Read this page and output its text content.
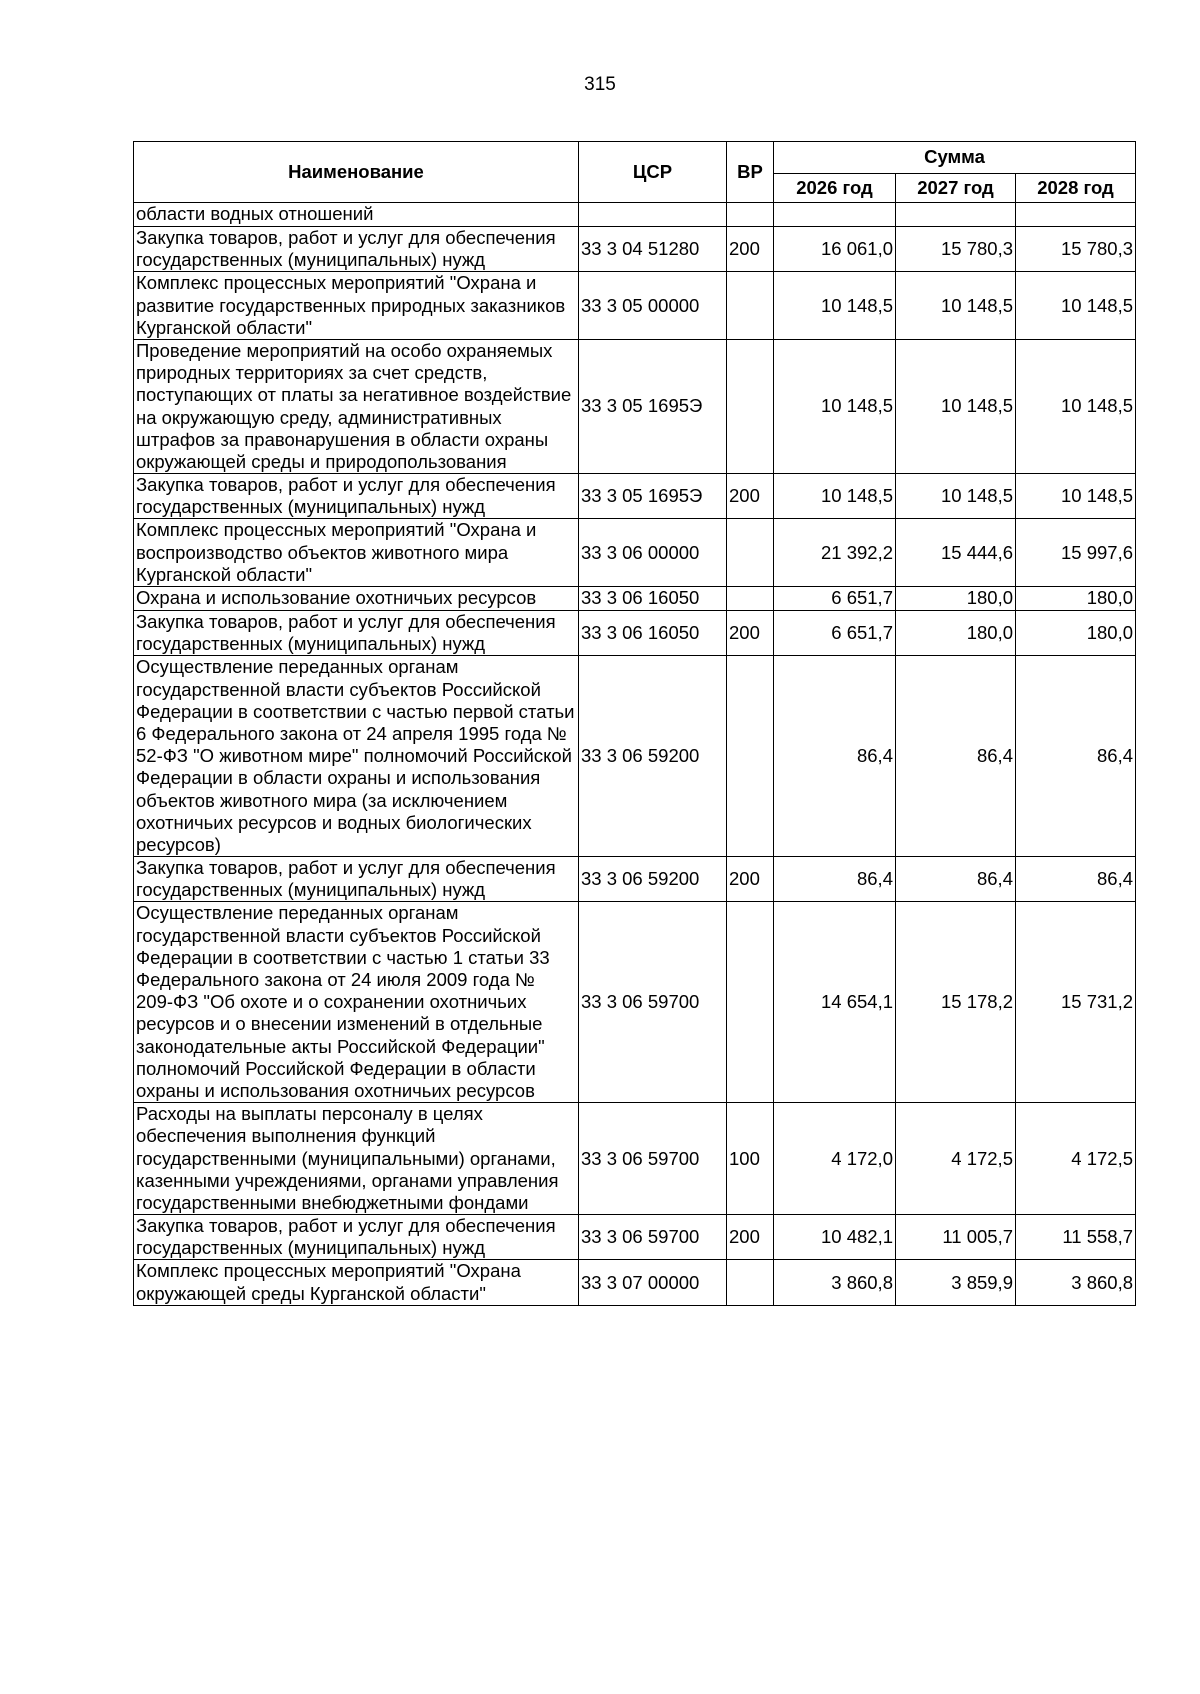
315
Наименование	ЦСР	ВР	Сумма		
			2026 год	2027 год	2028 год
области водных отношений					
Закупка товаров, работ и услуг для обеспечения государственных (муниципальных) нужд	33 3 04 51280	200	16 061,0	15 780,3	15 780,3
Комплекс процессных мероприятий "Охрана и развитие государственных природных заказников Курганской области"	33 3 05 00000		10 148,5	10 148,5	10 148,5
Проведение мероприятий на особо охраняемых природных территориях за счет средств, поступающих от платы за негативное воздействие на окружающую среду, административных штрафов за правонарушения в области охраны окружающей среды и природопользования	33 3 05 1695Э		10 148,5	10 148,5	10 148,5
Закупка товаров, работ и услуг для обеспечения государственных (муниципальных) нужд	33 3 05 1695Э	200	10 148,5	10 148,5	10 148,5
Комплекс процессных мероприятий "Охрана и воспроизводство объектов животного мира Курганской области"	33 3 06 00000		21 392,2	15 444,6	15 997,6
Охрана и использование охотничьих ресурсов	33 3 06 16050		6 651,7	180,0	180,0
Закупка товаров, работ и услуг для обеспечения государственных (муниципальных) нужд	33 3 06 16050	200	6 651,7	180,0	180,0
Осуществление переданных органам государственной власти субъектов Российской Федерации в соответствии с частью первой статьи 6 Федерального закона от 24 апреля 1995 года № 52-ФЗ "О животном мире" полномочий Российской Федерации в области охраны и использования объектов животного мира (за исключением охотничьих ресурсов и водных биологических ресурсов)	33 3 06 59200		86,4	86,4	86,4
Закупка товаров, работ и услуг для обеспечения государственных (муниципальных) нужд	33 3 06 59200	200	86,4	86,4	86,4
Осуществление переданных органам государственной власти субъектов Российской Федерации в соответствии с частью 1 статьи 33 Федерального закона от 24 июля 2009 года № 209-ФЗ "Об охоте и о сохранении охотничьих ресурсов и о внесении изменений в отдельные законодательные акты Российской Федерации" полномочий Российской Федерации в области охраны и использования охотничьих ресурсов	33 3 06 59700		14 654,1	15 178,2	15 731,2
Расходы на выплаты персоналу в целях обеспечения выполнения функций государственными (муниципальными) органами, казенными учреждениями, органами управления государственными внебюджетными фондами	33 3 06 59700	100	4 172,0	4 172,5	4 172,5
Закупка товаров, работ и услуг для обеспечения государственных (муниципальных) нужд	33 3 06 59700	200	10 482,1	11 005,7	11 558,7
Комплекс процессных мероприятий "Охрана окружающей среды Курганской области"	33 3 07 00000		3 860,8	3 859,9	3 860,8
